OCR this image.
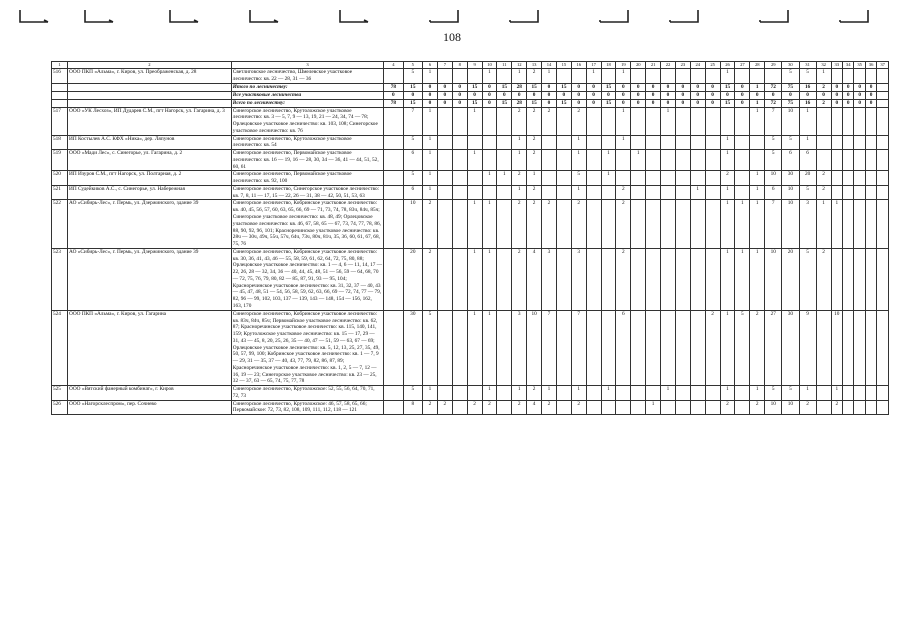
108
1	2	3	4	5	6	7	8	9	10	11	12	13	14	15	16	17	18	19	20	21	22	23	24	25	26	27	28	29	30	31	32	33	34	35	36	37
516	ООО ПКП «Альма», г. Киров, ул. Преображенская, д. 28	Светлиговское лесничество, Шмелевское участковое лесничество: кв. 22 — 28, 31 — 36		5	1				1		1	2	1			1		1							1				5	5	1					
		Итого по лесничеству:	78	15	0	0	0	15	0	15	28	15	0	15	0	0	15	0	0	0	0	0	0	0	15	0	1	72	75	16	2	0	0	0	0	
		Все участковые лесничества	0	0	0	0	0	0	0	0	0	0	0	0	0	0	0	0	0	0	0	0	0	0	0	0	0	0	0	0	0	0	0	0	0	
		Всего по лесничеству:	78	15	0	0	0	15	0	15	28	15	0	15	0	0	15	0	0	0	0	0	0	0	15	0	1	72	75	16	2	0	0	0	0	
517	ООО «УК Лесхоз», ИП Дударев С.М., пгт Нагорск, ул. Гагарина, д. 3	Синегорское лесничество, Крутоложское участковое лесничество: кв. 3 — 5, 7, 9 — 13, 19, 21 — 24, 34, 74 — 78; Орлецовское участковое лесничество: кв. 103, 108; Синегорское участковое лесничество: кв. 76		7	1			1			2	2	2		2			1			1						1	7	10	1						
518	ИП Костылев А.С. КФХ «Ника», дер. Ляпунов	Синегорское лесничество, Крутоложское участковое лесничество: кв. 54		5	1						1	2			1			1							1			5	5	1						
519	ООО «Мади Лес», с. Синегорье, ул. Гагарина, д. 2	Синегорское лесничество, Первомайское участковое лесничество: кв. 16 — 19, 16 — 28, 30, 34 — 36, 41 — 44, 51, 52, 60, 61		6	1			1			1	2			1		1		1						1			5	6	6						
520	ИП Изуров С.М., пгт Нагорск, ул. Полтарная, д. 2	Синегорское лесничество, Первомайское участковое лесничество: кв. 92, 100		5	1				1	1	2	1			5		1								2		1	10	30	20	2					
521	ИП Судейкиков А.С., с. Синегорье, ул. Набережная	Синегорское лесничество, Синегорское участковое лесничество: кв. 7, 8, 11 — 17, 15 — 22, 26 — 31, 38 — 42, 50, 51, 53, 63		6	1						1	2			1			2					1		1		1	6	10	5	2					
522	АО «Сибирь-Лес», г. Пермь, ул. Дзержинского, здание 39	Синегорское лесничество, Кобринское участковое лесничество: кв. 40, 45, 56, 57, 60, 63, 65, 66, 69 — 71, 73, 74, 78, 83ч, 84ч, 85ч; Синегорское участковое лесничество: кв. 48, 49; Орлецовское участковое лесничество: кв. 46, 67, 58, 65 — 67, 73, 74, 77, 78, 86, 88, 90, 92, 96, 101; Красноречинское участковое лесничество: кв. 28ч — 30ч, 49ч, 55ч, 57ч, 64ч, 73ч, 80ч, 81ч, 35, 36, 60, 61, 67, 68, 75, 76		10	2			1	1		2	2	2		2			2							1	1	1	7	10	3	1	1				
523	АО «Сибирь-Лес», г. Пермь, ул. Дзержинского, здание 39	Синегорское лесничество, Кобринское участковое лесничество: кв. 30, 36, 41, 43, 46 — 55, 58, 59, 61, 62, 64, 72, 75, 80, 88; Орлецовское участковое лесничество: кв. 1 — 4, 6 — 11, 14, 17 — 22, 26, 28 — 32, 34, 36 — 40, 44, 45, 48, 51 — 56, 59 — 64, 68, 70 — 72, 75, 76, 79, 80, 82 — 85, 87, 91, 93 — 95, 104; Красноречинское участковое лесничество: кв. 31, 32, 37 — 40, 43 — 45, 47, 48, 51 — 54, 56, 58, 59, 62, 63, 66, 69 — 72, 74, 77 — 79, 82, 96 — 99, 102, 103, 137 — 139, 143 — 148, 154 — 156, 162, 163, 170		20	2			1	1		2	4	3		3			2							1	1	1	10	20	5	2					
524	ООО ПКП «Альма», г. Киров, ул. Гагарина	Синегорское лесничество, Кобринское участковое лесничество: кв. 83ч, 84ч, 85ч; Первомайское участковое лесничество: кв. 62, 87; Красноречинское участковое лесничество: кв. 115, 140, 141, 159; Крутоложское участковое лесничество: кв. 15 — 17, 29 — 31, 43 — 45, 8, 20, 25, 26, 35 — 40, 47 — 51, 59 — 63, 67 — 69; Орлецовское участковое лесничество: кв. 5, 12, 13, 25, 27, 35, 49, 50, 57, 99, 100; Кобринское участковое лесничество: кв. 1 — 7, 9 — 29, 31 — 35, 37 — 40, 43, 77, 79, 82, 86, 87, 89; Красноречинское участковое лесничество: кв. 1, 2, 5 — 7, 12 — 16, 19 — 23; Синегорское участковое лесничество: кв. 23 — 25, 32 — 37, 63 — 65, 74, 75, 77, 78		30	5			1	1		3	10	7		7			6						2	1	5	2	27	30	9		10				
525	ООО «Вятский фанерный комбинат», г. Киров	Синегорское лесничество, Крутоложское: 52, 55, 56, 64, 70, 71, 72, 73		5	1				1		1	2	1		1		1				1				1		1	5	5	1		1				
526	ООО «Нагорсклеспром», пер. Сочнево	Синегорское лесничество, Крутоложское: 46, 57, 58, 65, 66; Первомайское: 72, 73, 82, 108, 109, 111, 112, 118 — 121		8	2	2		2	2		2	4	2		2					1					2		2	10	10	2		2				
